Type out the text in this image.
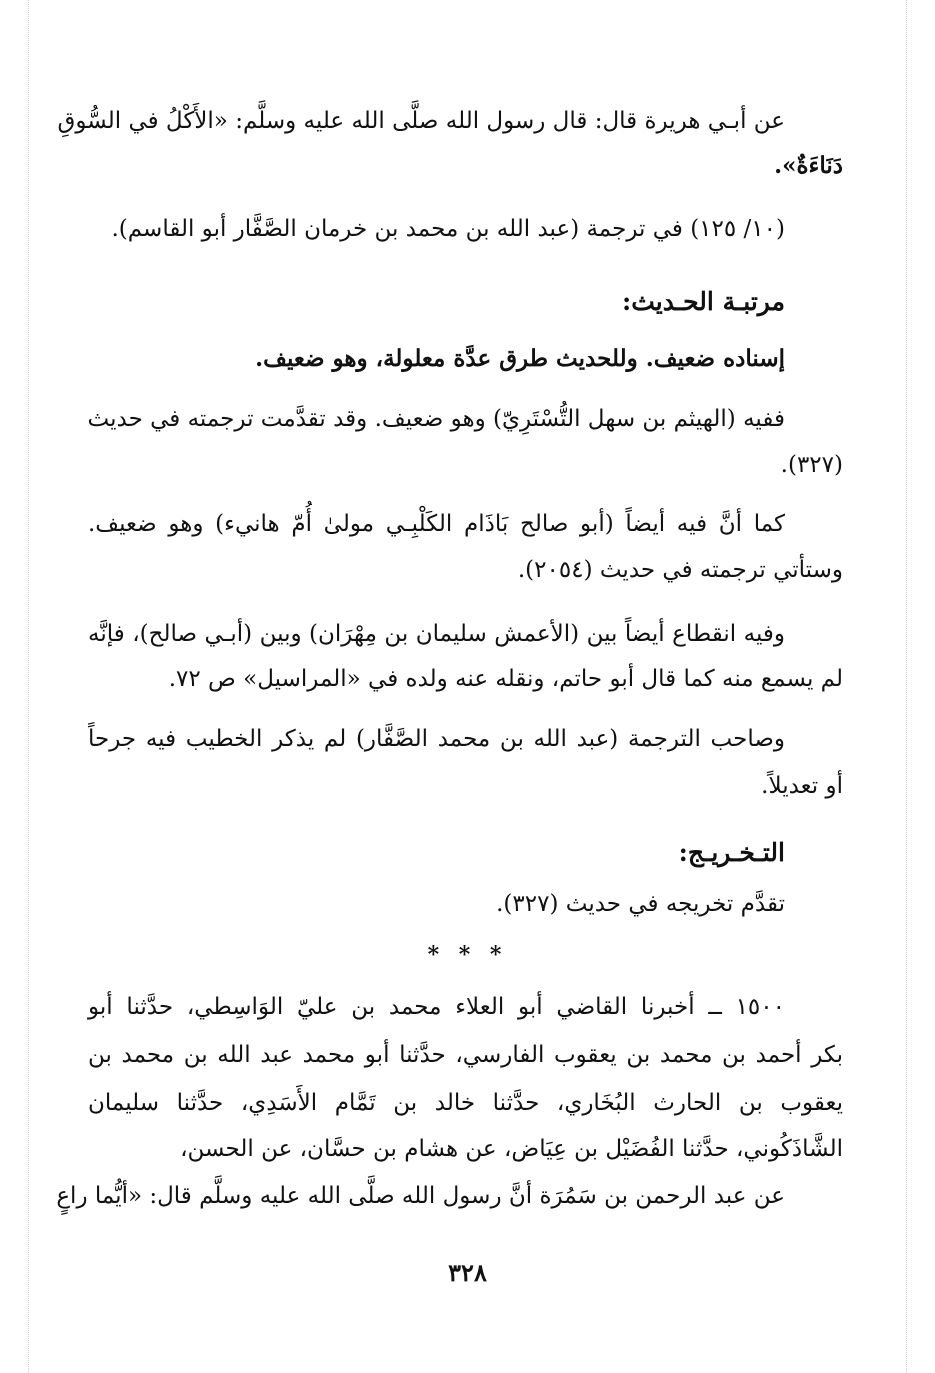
عن أبـي هريرة قال: قال رسول الله صلَّى الله عليه وسلَّم: «الأَكْلُ في السُّوقِ
دَنَاءَةٌ».
(١٠/ ١٢٥) في ترجمة (عبد الله بن محمد بن خرمان الصَّفَّار أبو القاسم).
مرتبـة الحـديث:
إسناده ضعيف. وللحديث طرق عدَّة معلولة، وهو ضعيف.
ففيه (الهيثم بن سهل التُّسْتَرِيّ) وهو ضعيف. وقد تقدَّمت ترجمته في حديث
(٣٢٧).
كما أنَّ فيه أيضاً (أبو صالح بَاذَام الكَلْبِـي مولىٰ أُمّ هانيء) وهو ضعيف.
وستأتي ترجمته في حديث (٢٠٥٤).
وفيه انقطاع أيضاً بين (الأعمش سليمان بن مِهْرَان) وبين (أبـي صالح)، فإنَّه
لم يسمع منه كما قال أبو حاتم، ونقله عنه ولده في «المراسيل» ص ٧٢.
وصاحب الترجمة (عبد الله بن محمد الصَّفَّار) لم يذكر الخطيب فيه جرحاً
أو تعديلاً.
التـخـريـج:
تقدَّم تخريجه في حديث (٣٢٧).
* * *
١٥٠٠ ــ أخبرنا القاضي أبو العلاء محمد بن عليّ الوَاسِطي، حدَّثنا أبو
بكر أحمد بن محمد بن يعقوب الفارسي، حدَّثنا أبو محمد عبد الله بن محمد بن
يعقوب بن الحارث البُخَاري، حدَّثنا خالد بن تَمَّام الأَسَدِي، حدَّثنا سليمان
الشَّاذَكُوني، حدَّثنا الفُضَيْل بن عِيَاض، عن هشام بن حسَّان، عن الحسن،
عن عبد الرحمن بن سَمُرَة أنَّ رسول الله صلَّى الله عليه وسلَّم قال: «أيُّما راعٍ
٣٢٨
